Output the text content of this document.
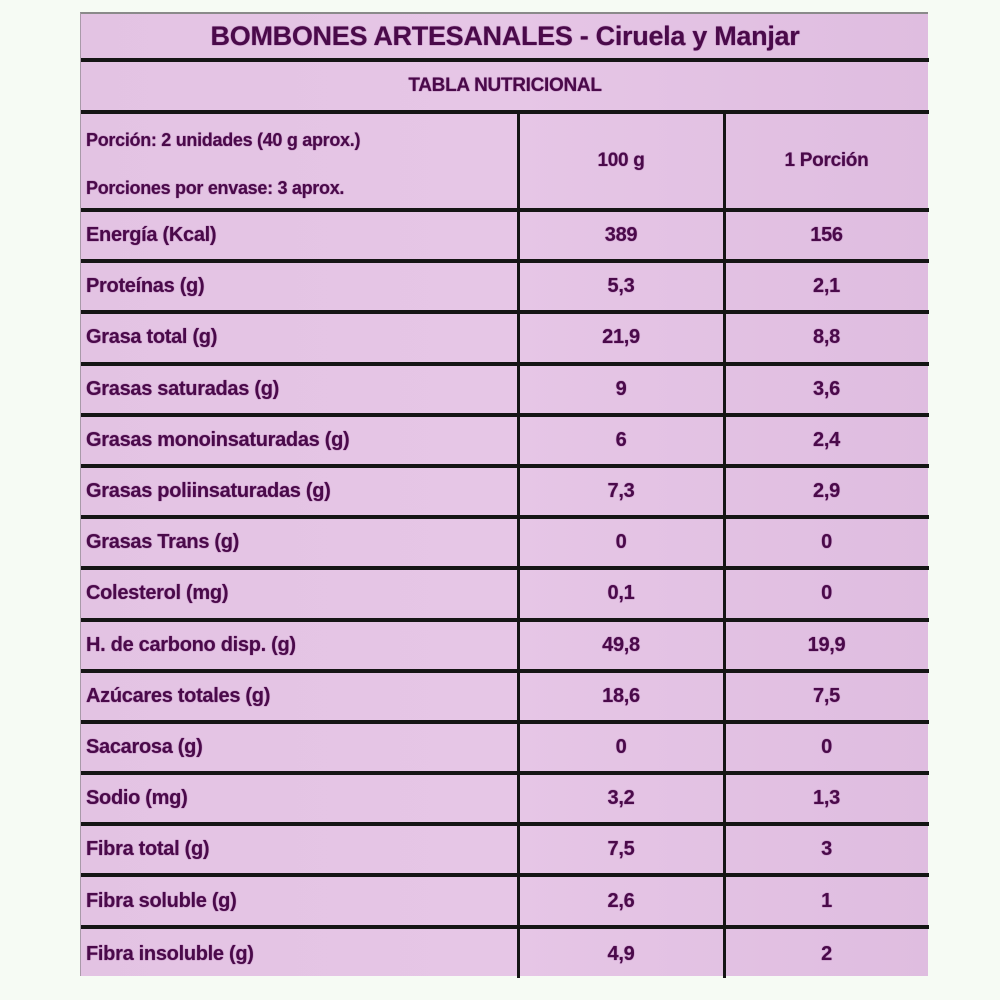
BOMBONES ARTESANALES - Ciruela y Manjar
TABLA NUTRICIONAL
Porción: 2 unidades (40 g aprox.)
Porciones por envase: 3 aprox.
100 g	1 Porción
Energía (Kcal)	389	156
Proteínas (g)	5,3	2,1
Grasa total (g)	21,9	8,8
Grasas saturadas (g)	9	3,6
Grasas monoinsaturadas (g)	6	2,4
Grasas poliinsaturadas (g)	7,3	2,9
Grasas Trans (g)	0	0
Colesterol (mg)	0,1	0
H. de carbono disp. (g)	49,8	19,9
Azúcares totales (g)	18,6	7,5
Sacarosa (g)	0	0
Sodio (mg)	3,2	1,3
Fibra total (g)	7,5	3
Fibra soluble (g)	2,6	1
Fibra insoluble (g)	4,9	2
